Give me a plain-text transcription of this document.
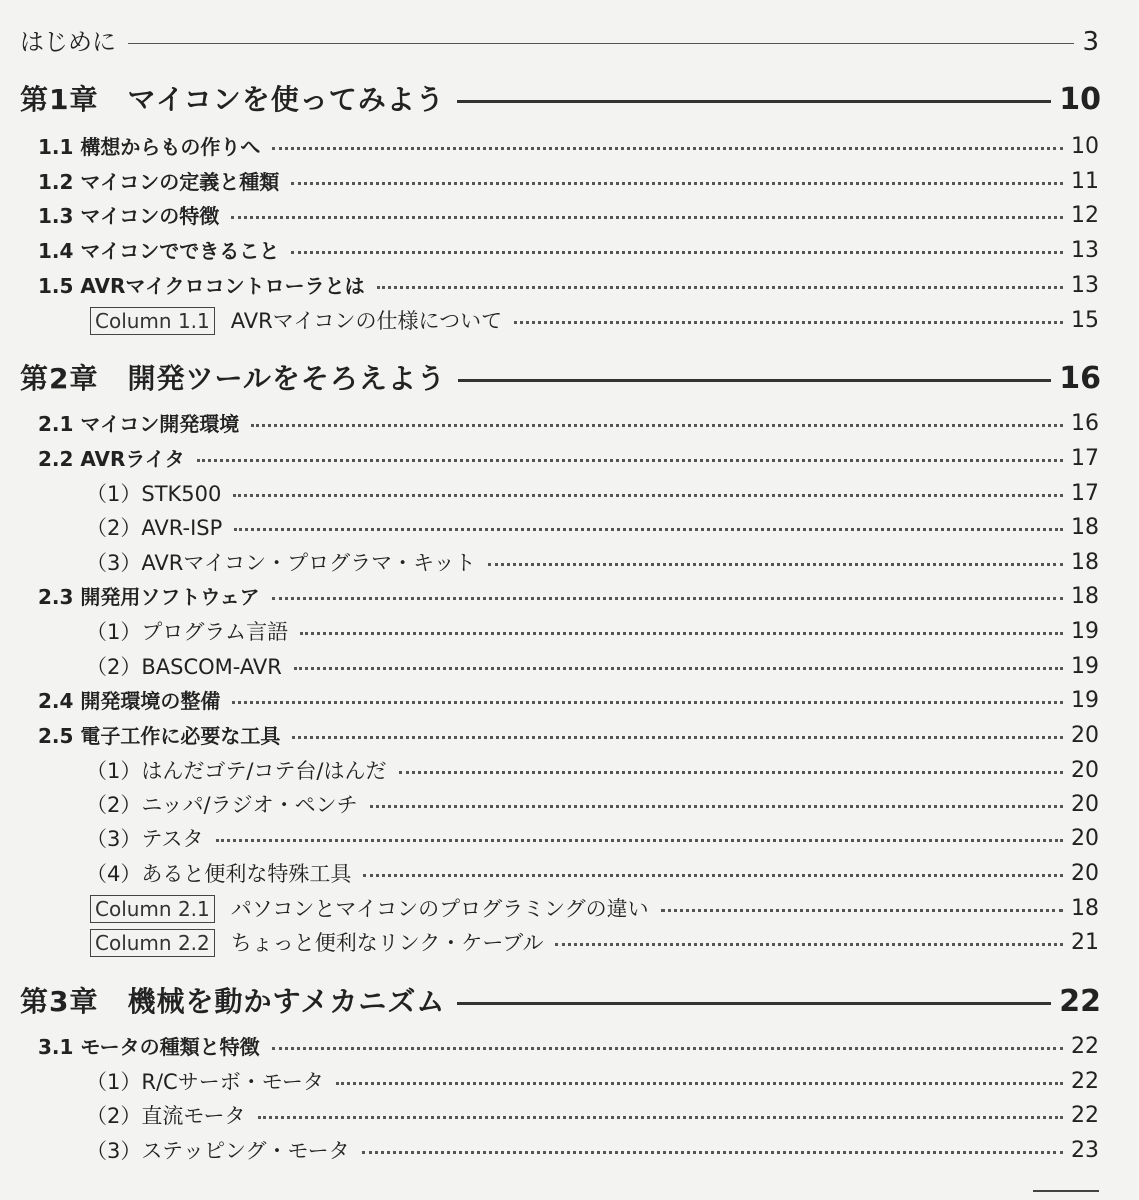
はじめに	3
第1章　マイコンを使ってみよう	10
1.1 構想からもの作りへ	10
1.2 マイコンの定義と種類	11
1.3 マイコンの特徴	12
1.4 マイコンでできること	13
1.5 AVRマイクロコントローラとは	13
Column 1.1 AVRマイコンの仕様について	15
第2章　開発ツールをそろえよう	16
2.1 マイコン開発環境	16
2.2 AVRライタ	17
（1）STK500	17
（2）AVR-ISP	18
（3）AVRマイコン・プログラマ・キット	18
2.3 開発用ソフトウェア	18
（1）プログラム言語	19
（2）BASCOM-AVR	19
2.4 開発環境の整備	19
2.5 電子工作に必要な工具	20
（1）はんだゴテ/コテ台/はんだ	20
（2）ニッパ/ラジオ・ペンチ	20
（3）テスタ	20
（4）あると便利な特殊工具	20
Column 2.1 パソコンとマイコンのプログラミングの違い	18
Column 2.2 ちょっと便利なリンク・ケーブル	21
第3章　機械を動かすメカニズム	22
3.1 モータの種類と特徴	22
（1）R/Cサーボ・モータ	22
（2）直流モータ	22
（3）ステッピング・モータ	23
